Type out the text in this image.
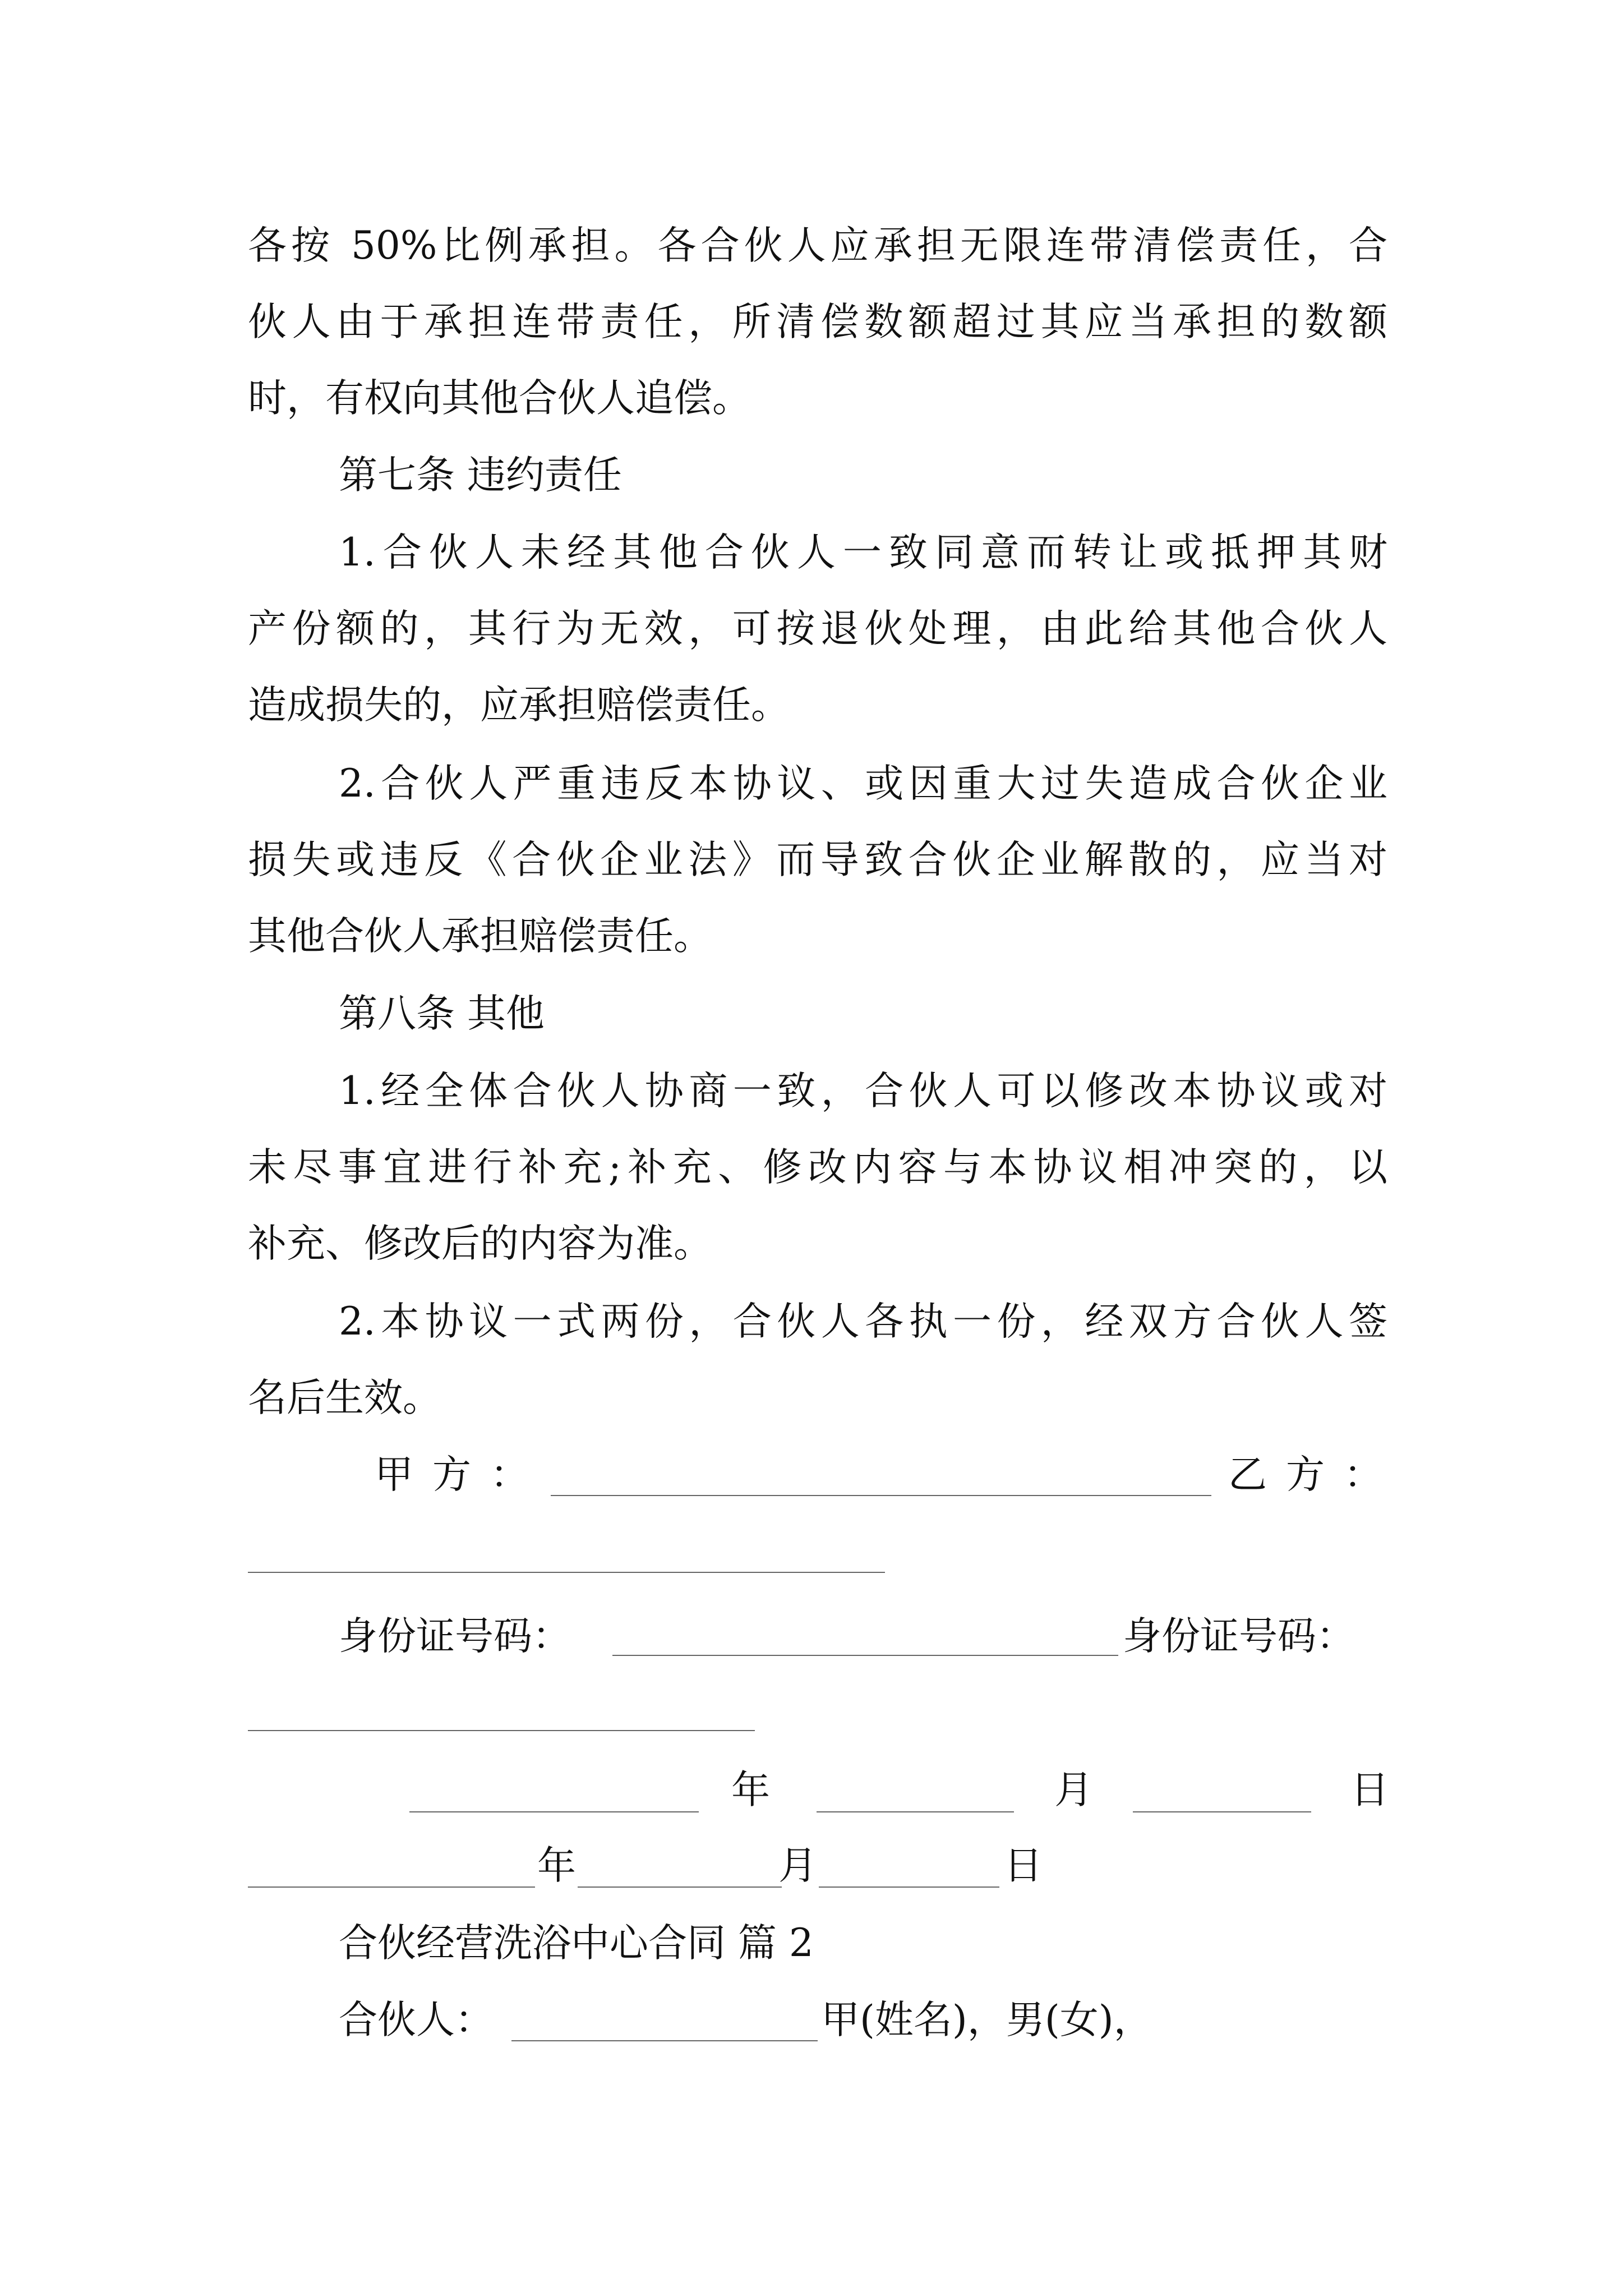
各按 50%比例承担。各合伙人应承担无限连带清偿责任，合
伙人由于承担连带责任，所清偿数额超过其应当承担的数额
时，有权向其他合伙人追偿。
第七条 违约责任
1.合伙人未经其他合伙人一致同意而转让或抵押其财
产份额的，其行为无效，可按退伙处理，由此给其他合伙人
造成损失的，应承担赔偿责任。
2.合伙人严重违反本协议、或因重大过失造成合伙企业
损失或违反《合伙企业法》而导致合伙企业解散的，应当对
其他合伙人承担赔偿责任。
第八条 其他
1.经全体合伙人协商一致，合伙人可以修改本协议或对
未尽事宜进行补充;补充、修改内容与本协议相冲突的，以
补充、修改后的内容为准。
2.本协议一式两份，合伙人各执一份，经双方合伙人签
名后生效。
甲方：	乙方：
身份证号码：	身份证号码：
年	月	日
年	月	日
合伙经营洗浴中心合同 篇 2
合伙人：	甲(姓名)，男(女)，
